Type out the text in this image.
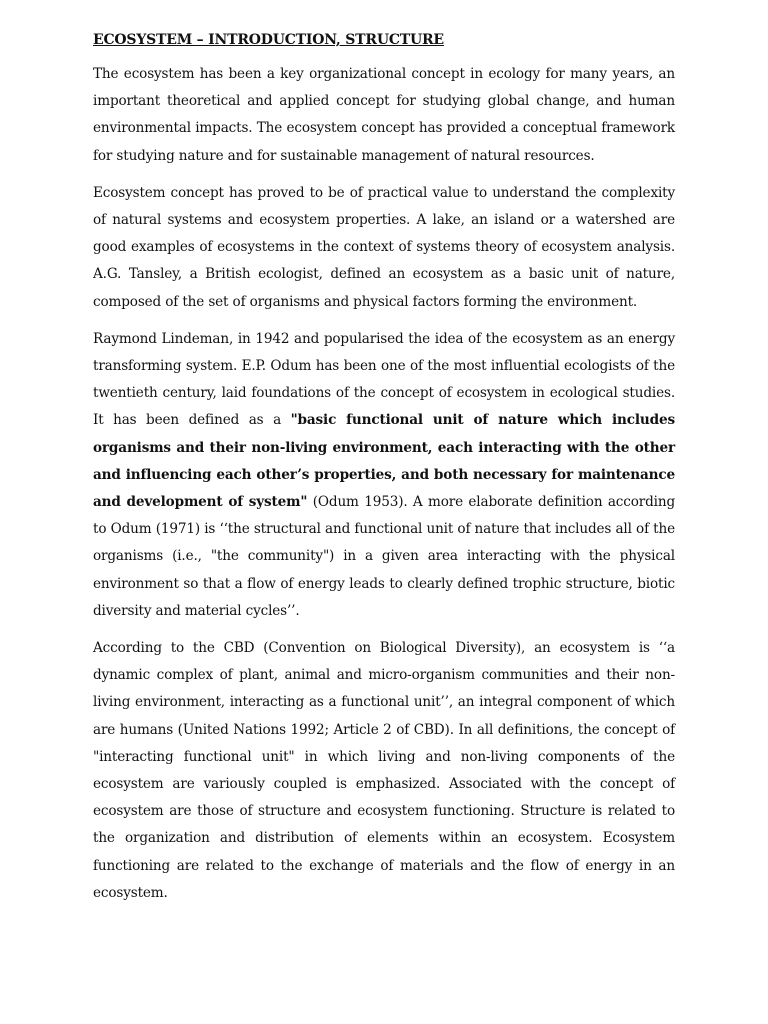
ECOSYSTEM – INTRODUCTION, STRUCTURE

The ecosystem has been a key organizational concept in ecology for many years, an important theoretical and applied concept for studying global change, and human environmental impacts. The ecosystem concept has provided a conceptual framework for studying nature and for sustainable management of natural resources.

Ecosystem concept has proved to be of practical value to understand the complexity of natural systems and ecosystem properties. A lake, an island or a watershed are good examples of ecosystems in the context of systems theory of ecosystem analysis. A.G. Tansley, a British ecologist, defined an ecosystem as a basic unit of nature, composed of the set of organisms and physical factors forming the environment.

Raymond Lindeman, in 1942 and popularised the idea of the ecosystem as an energy transforming system. E.P. Odum has been one of the most influential ecologists of the twentieth century, laid foundations of the concept of ecosystem in ecological studies. It has been defined as a "basic functional unit of nature which includes organisms and their non-living environment, each interacting with the other and influencing each other’s properties, and both necessary for maintenance and development of system" (Odum 1953). A more elaborate definition according to Odum (1971) is ‘‘the structural and functional unit of nature that includes all of the organisms (i.e., "the community") in a given area interacting with the physical environment so that a flow of energy leads to clearly defined trophic structure, biotic diversity and material cycles’’.

According to the CBD (Convention on Biological Diversity), an ecosystem is ‘‘a dynamic complex of plant, animal and micro-organism communities and their non-living environment, interacting as a functional unit’’, an integral component of which are humans (United Nations 1992; Article 2 of CBD). In all definitions, the concept of "interacting functional unit" in which living and non-living components of the ecosystem are variously coupled is emphasized. Associated with the concept of ecosystem are those of structure and ecosystem functioning. Structure is related to the organization and distribution of elements within an ecosystem. Ecosystem functioning are related to the exchange of materials and the flow of energy in an ecosystem.
